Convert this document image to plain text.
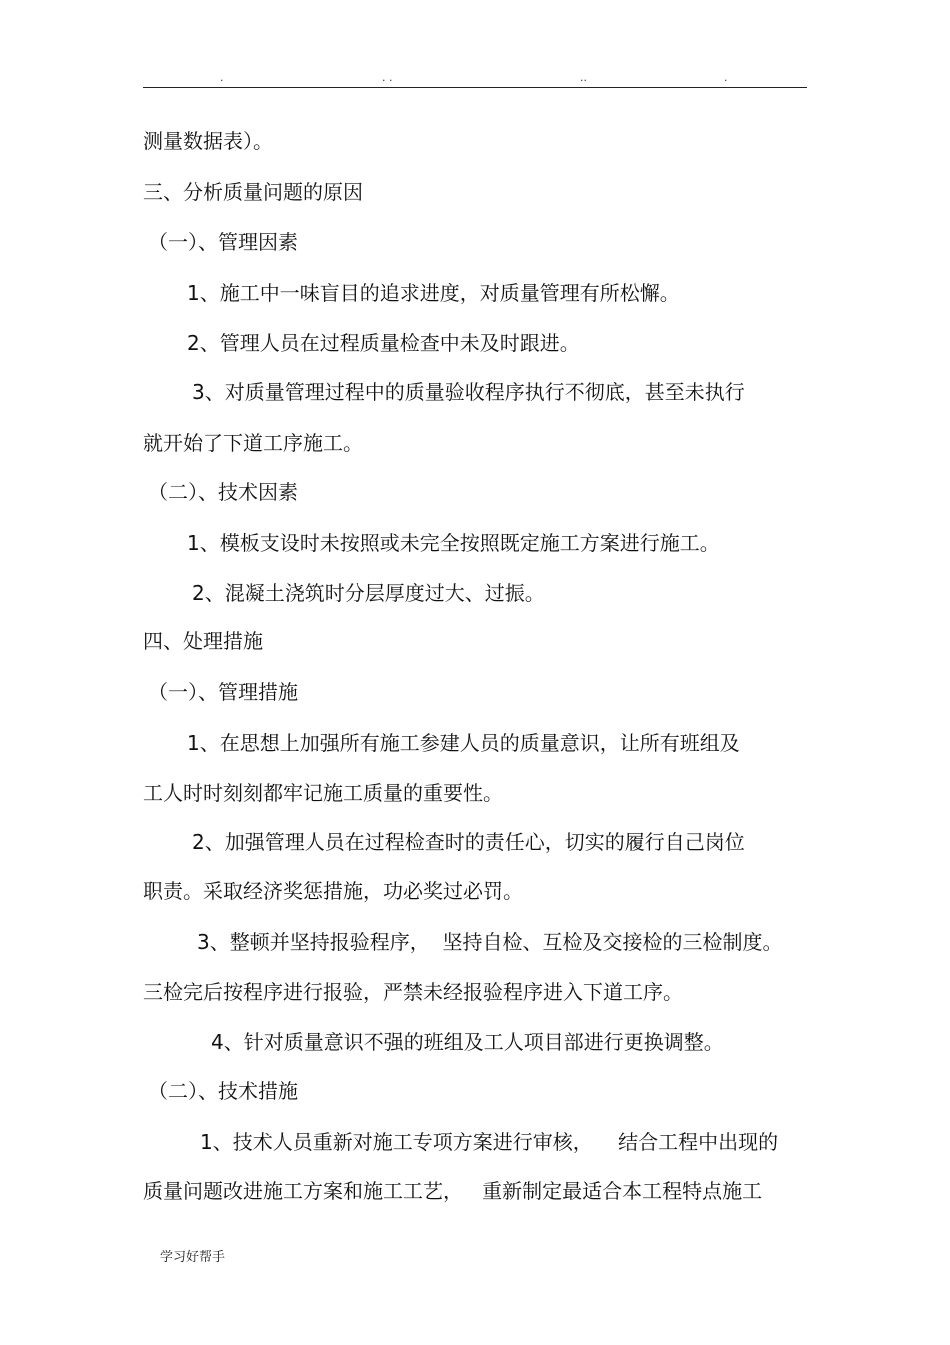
.	. .	..	.
测量数据表）。
三、分析质量问题的原因
（一）、管理因素
1、施工中一味盲目的追求进度，对质量管理有所松懈。
2、管理人员在过程质量检查中未及时跟进。
3、对质量管理过程中的质量验收程序执行不彻底，甚至未执行
就开始了下道工序施工。
（二）、技术因素
1、模板支设时未按照或未完全按照既定施工方案进行施工。
2、混凝土浇筑时分层厚度过大、过振。
四、处理措施
（一）、管理措施
1、在思想上加强所有施工参建人员的质量意识，让所有班组及
工人时时刻刻都牢记施工质量的重要性。
2、加强管理人员在过程检查时的责任心，切实的履行自己岗位
职责。采取经济奖惩措施，功必奖过必罚。
3、整顿并坚持报验程序，  坚持自检、互检及交接检的三检制度。
三检完后按程序进行报验，严禁未经报验程序进入下道工序。
4、针对质量意识不强的班组及工人项目部进行更换调整。
（二）、技术措施
1、技术人员重新对施工专项方案进行审核，    结合工程中出现的
质量问题改进施工方案和施工工艺，   重新制定最适合本工程特点施工
学习好帮手
